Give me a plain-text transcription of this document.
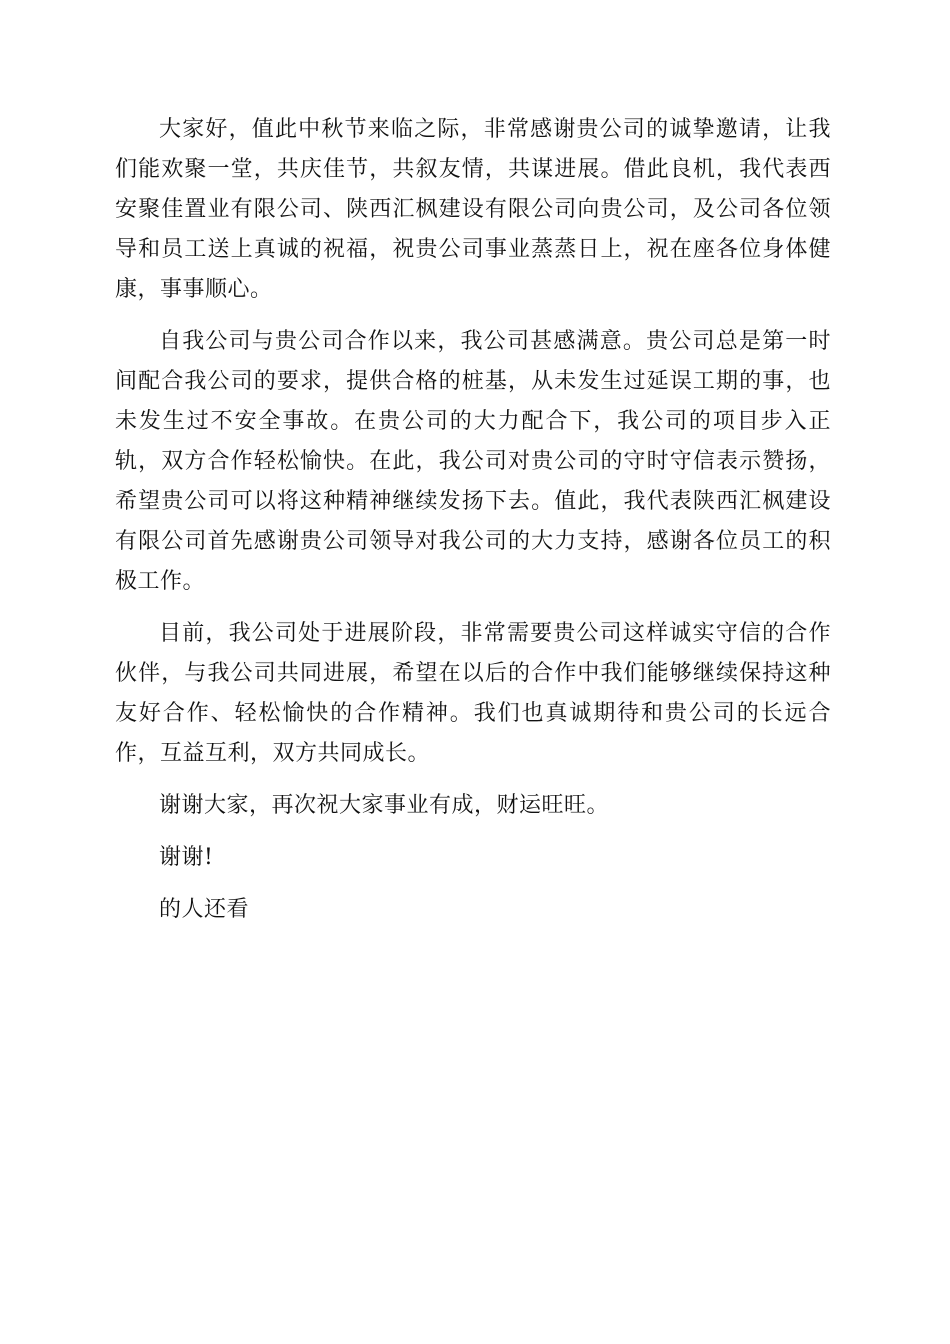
大家好，值此中秋节来临之际，非常感谢贵公司的诚挚邀请，让我们能欢聚一堂，共庆佳节，共叙友情，共谋进展。借此良机，我代表西安聚佳置业有限公司、陕西汇枫建设有限公司向贵公司，及公司各位领导和员工送上真诚的祝福，祝贵公司事业蒸蒸日上，祝在座各位身体健康，事事顺心。

自我公司与贵公司合作以来，我公司甚感满意。贵公司总是第一时间配合我公司的要求，提供合格的桩基，从未发生过延误工期的事，也未发生过不安全事故。在贵公司的大力配合下，我公司的项目步入正轨，双方合作轻松愉快。在此，我公司对贵公司的守时守信表示赞扬，希望贵公司可以将这种精神继续发扬下去。值此，我代表陕西汇枫建设有限公司首先感谢贵公司领导对我公司的大力支持，感谢各位员工的积极工作。

目前，我公司处于进展阶段，非常需要贵公司这样诚实守信的合作伙伴，与我公司共同进展，希望在以后的合作中我们能够继续保持这种友好合作、轻松愉快的合作精神。我们也真诚期待和贵公司的长远合作，互益互利，双方共同成长。

谢谢大家，再次祝大家事业有成，财运旺旺。

谢谢!

的人还看
